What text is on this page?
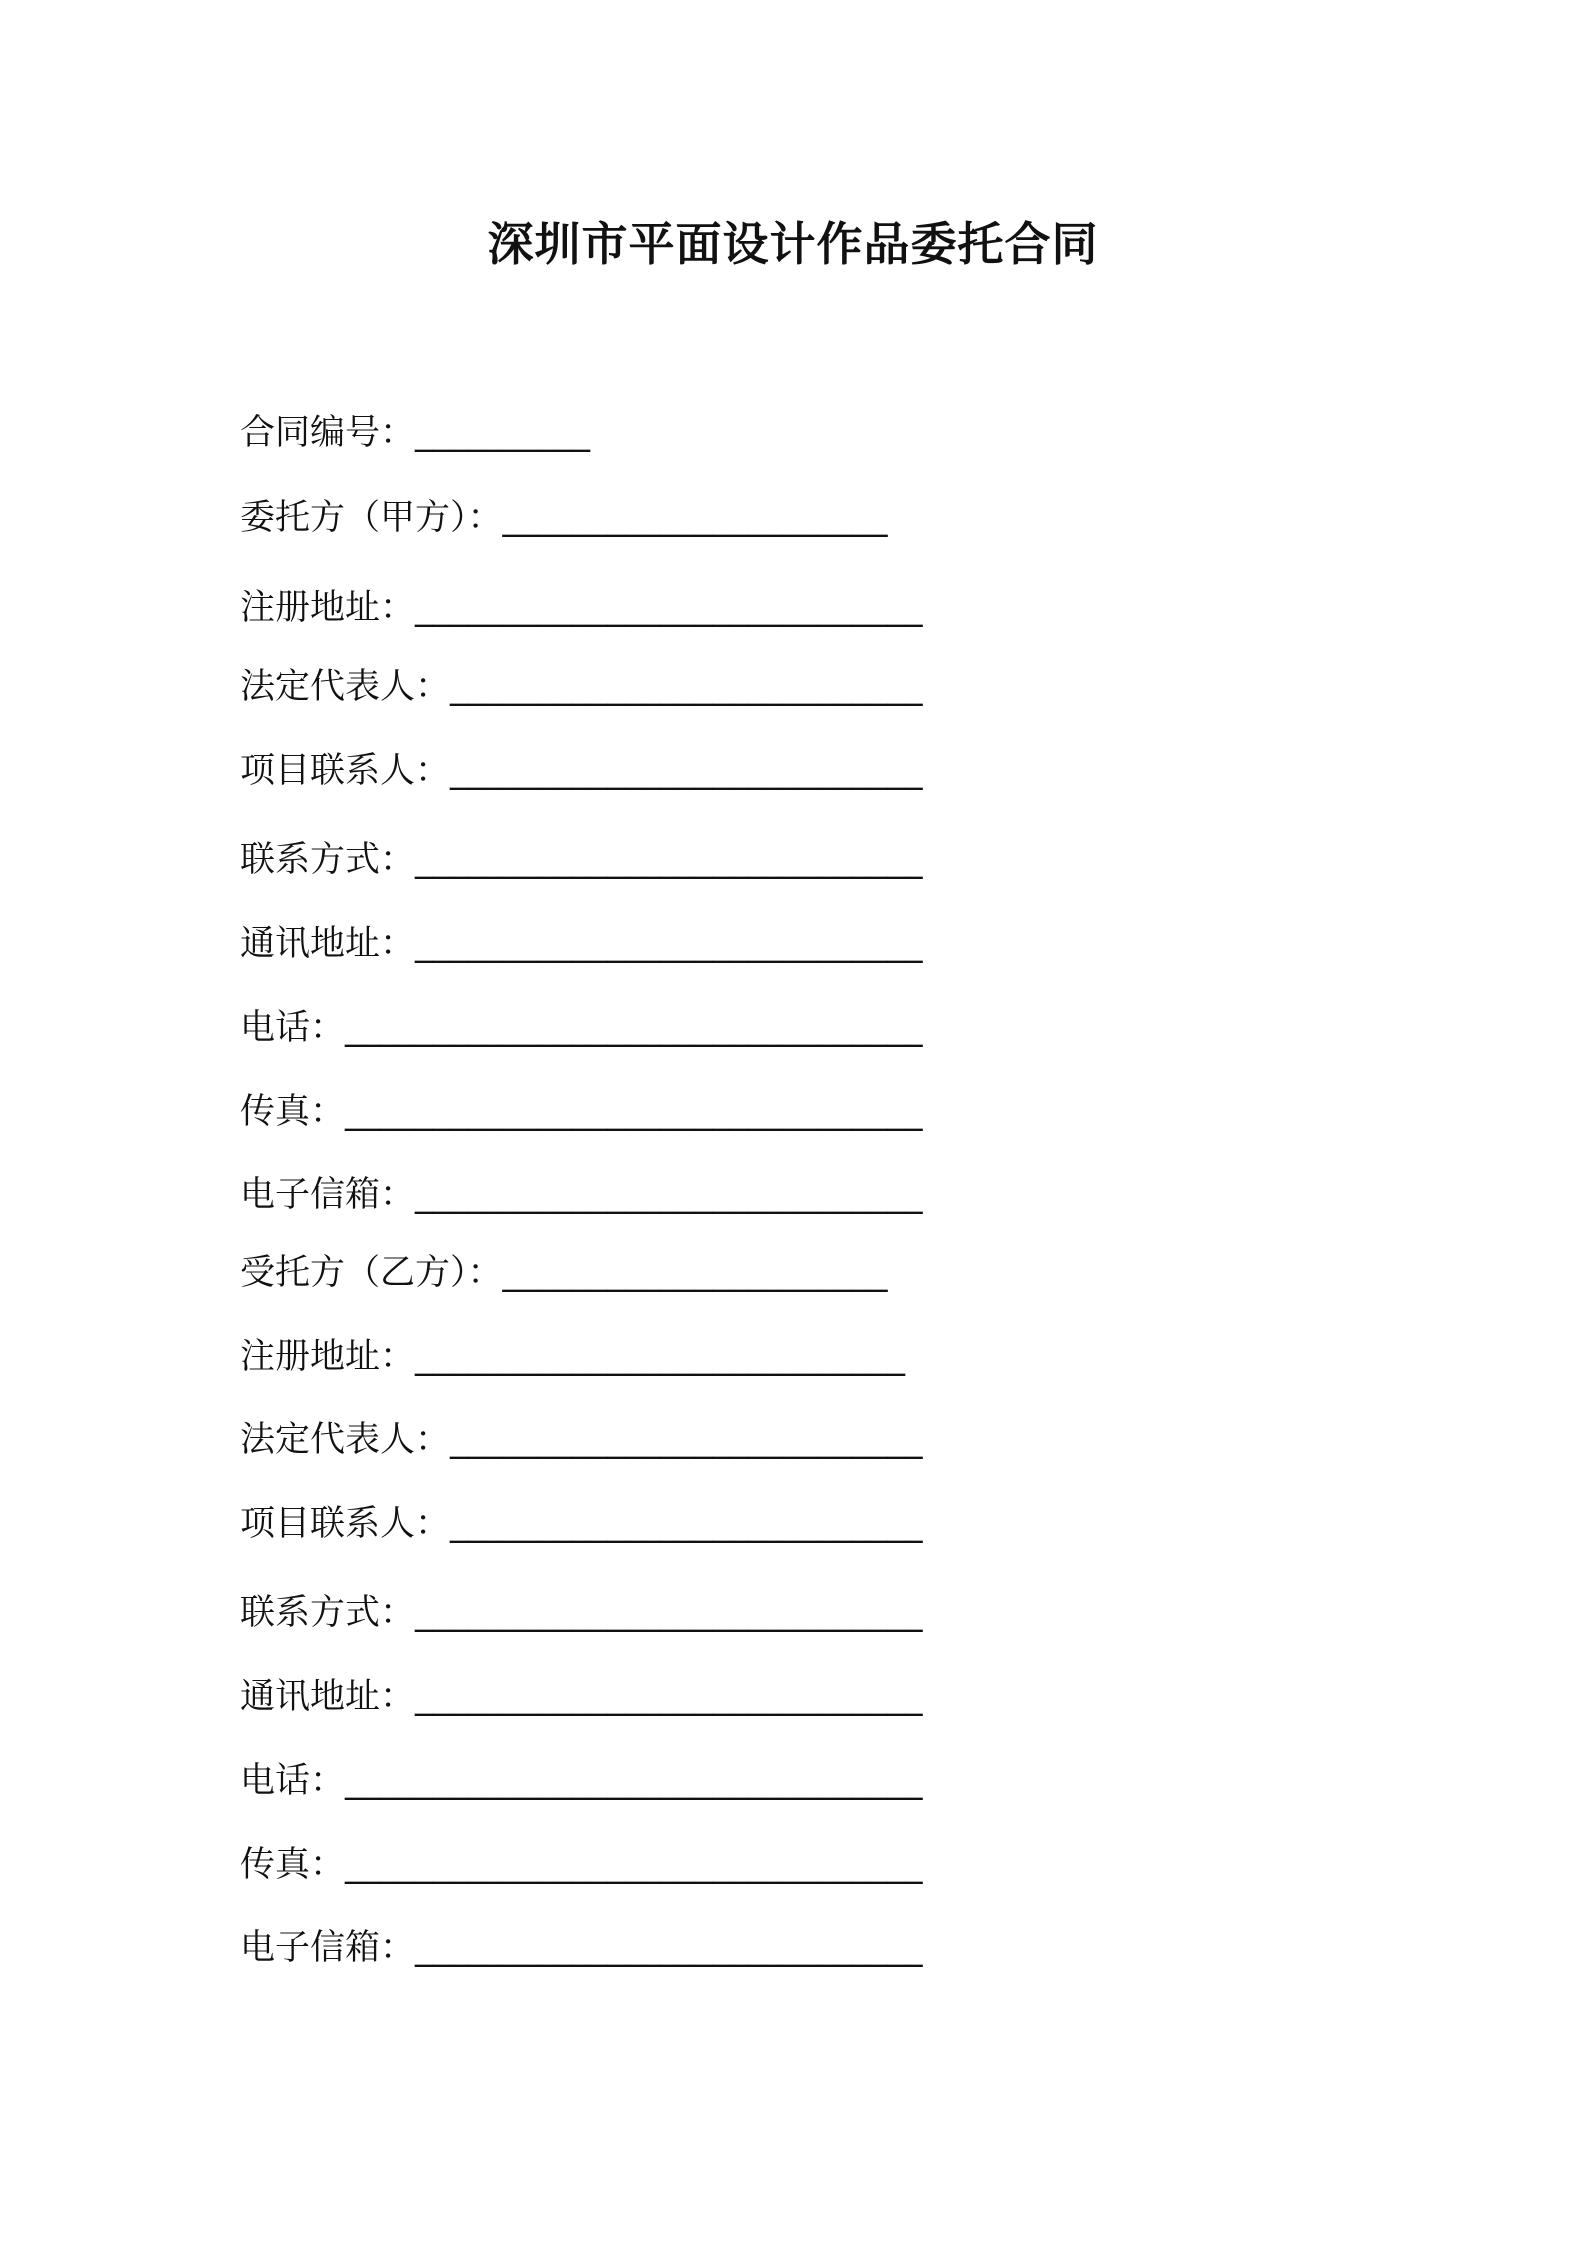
深圳市平面设计作品委托合同
合同编号：__________
委托方（甲方）：______________________
注册地址：_____________________________
法定代表人：___________________________
项目联系人：___________________________
联系方式：_____________________________
通讯地址：_____________________________
电话：_________________________________
传真：_________________________________
电子信箱：_____________________________
受托方（乙方）：______________________
注册地址：____________________________
法定代表人：___________________________
项目联系人：___________________________
联系方式：_____________________________
通讯地址：_____________________________
电话：_________________________________
传真：_________________________________
电子信箱：_____________________________
